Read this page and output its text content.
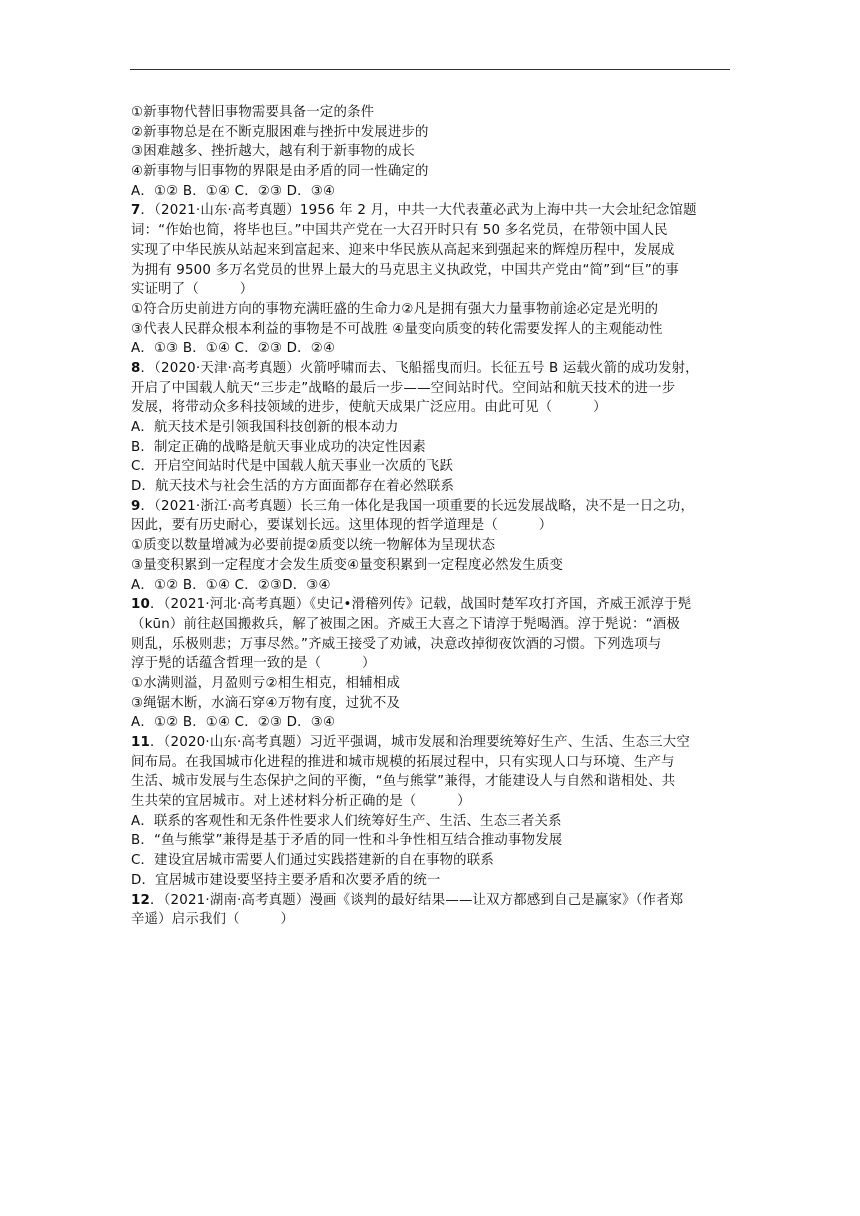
①新事物代替旧事物需要具备一定的条件
②新事物总是在不断克服困难与挫折中发展进步的
③困难越多、挫折越大，越有利于新事物的成长
④新事物与旧事物的界限是由矛盾的同一性确定的
A．①② B．①④ C．②③ D．③④
7．（2021·山东·高考真题）1956 年 2 月，中共一大代表董必武为上海中共一大会址纪念馆题
词：“作始也简，将毕也巨。”中国共产党在一大召开时只有 50 多名党员，在带领中国人民
实现了中华民族从站起来到富起来、迎来中华民族从高起来到强起来的辉煌历程中，发展成
为拥有 9500 多万名党员的世界上最大的马克思主义执政党，中国共产党由“简”到“巨”的事
实证明了（　　　）
①符合历史前进方向的事物充满旺盛的生命力②凡是拥有强大力量事物前途必定是光明的
③代表人民群众根本利益的事物是不可战胜 ④量变向质变的转化需要发挥人的主观能动性
A．①③ B．①④ C．②③ D．②④
8．（2020·天津·高考真题）火箭呼啸而去、飞船摇曳而归。长征五号 B 运载火箭的成功发射，
开启了中国载人航天“三步走”战略的最后一步——空间站时代。空间站和航天技术的进一步
发展，将带动众多科技领域的进步，使航天成果广泛应用。由此可见（　　　）
A．航天技术是引领我国科技创新的根本动力
B．制定正确的战略是航天事业成功的决定性因素
C．开启空间站时代是中国载人航天事业一次质的飞跃
D．航天技术与社会生活的方方面面都存在着必然联系
9．（2021·浙江·高考真题）长三角一体化是我国一项重要的长远发展战略，决不是一日之功，
因此，要有历史耐心，要谋划长远。这里体现的哲学道理是（　　　）
①质变以数量增减为必要前提②质变以统一物解体为呈现状态
③量变积累到一定程度才会发生质变④量变积累到一定程度必然发生质变
A．①② B．①④ C．②③D．③④
10．（2021·河北·高考真题）《史记•滑稽列传》记载，战国时楚军攻打齐国，齐威王派淳于髡
（kūn）前往赵国搬救兵，解了被围之困。齐威王大喜之下请淳于髡喝酒。淳于髡说：“酒极
则乱，乐极则悲；万事尽然。”齐威王接受了劝诫，决意改掉彻夜饮酒的习惯。下列选项与
淳于髡的话蕴含哲理一致的是（　　　）
①水满则溢，月盈则亏②相生相克，相辅相成
③绳锯木断，水滴石穿④万物有度，过犹不及
A．①② B．①④ C．②③ D．③④
11．（2020·山东·高考真题）习近平强调，城市发展和治理要统筹好生产、生活、生态三大空
间布局。在我国城市化进程的推进和城市规模的拓展过程中，只有实现人口与环境、生产与
生活、城市发展与生态保护之间的平衡，“鱼与熊掌”兼得，才能建设人与自然和谐相处、共
生共荣的宜居城市。对上述材料分析正确的是（　　　）
A．联系的客观性和无条件性要求人们统筹好生产、生活、生态三者关系
B．“鱼与熊掌”兼得是基于矛盾的同一性和斗争性相互结合推动事物发展
C．建设宜居城市需要人们通过实践搭建新的自在事物的联系
D．宜居城市建设要坚持主要矛盾和次要矛盾的统一
12．（2021·湖南·高考真题）漫画《谈判的最好结果——让双方都感到自己是赢家》（作者郑
辛遥）启示我们（　　　）
